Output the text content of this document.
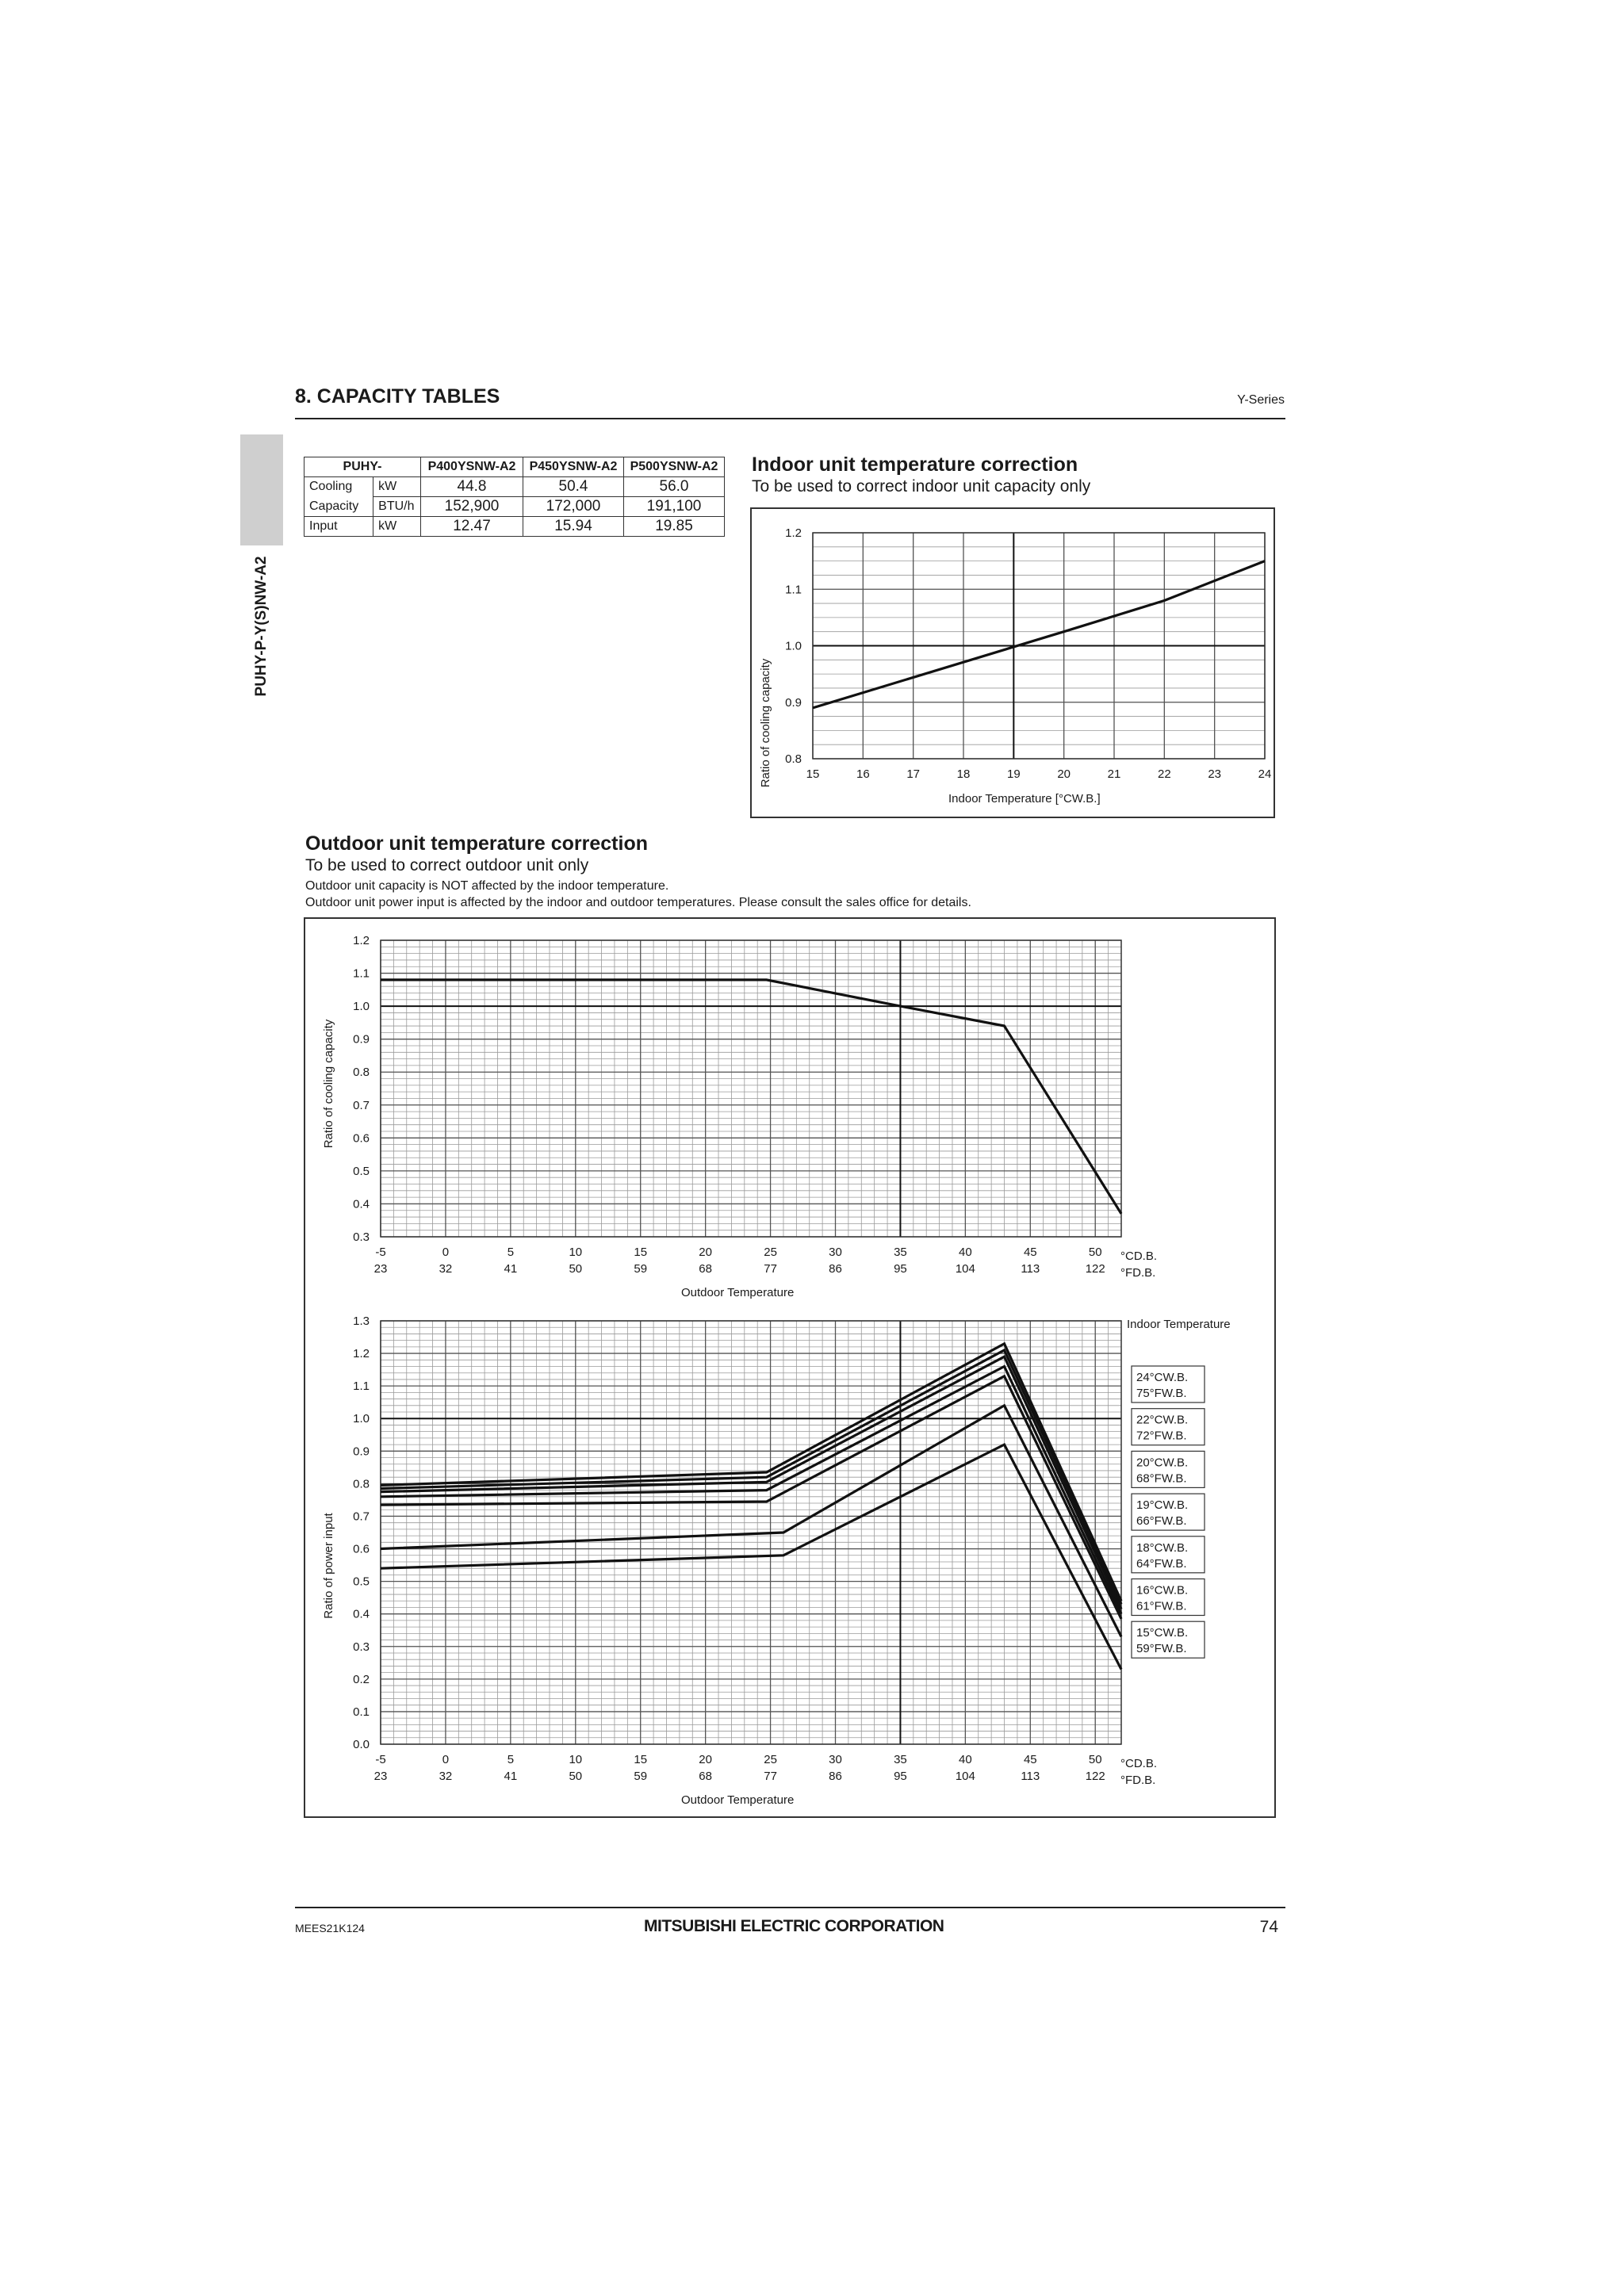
8. CAPACITY TABLES	Y-Series
PUHY-P-Y(S)NW-A2
PUHY-		P400YSNW-A2	P450YSNW-A2	P500YSNW-A2
Cooling	kW	44.8	50.4	56.0
Capacity	BTU/h	152,900	172,000	191,100
Input	kW	12.47	15.94	19.85
Indoor unit temperature correction
To be used to correct indoor unit capacity only
0.8
0.9
1.0
1.1
1.2
15	16	17	18	19	20	21	22	23	24
Indoor Temperature [°CW.B.]
Ratio of cooling capacity
Outdoor unit temperature correction
To be used to correct outdoor unit only
Outdoor unit capacity is NOT affected by the indoor temperature.
Outdoor unit power input is affected by the indoor and outdoor temperatures. Please consult the sales office for details.
0.3
0.4
0.5
0.6
0.7
0.8
0.9
1.0
1.1
1.2
-5	0	5	10	15	20	25	30	35	40	45	50
23	32	41	50	59	68	77	86	95	104	113	122
Outdoor Temperature
Ratio of cooling capacity
°CD.B.
°FD.B.
0.0
0.1
0.2
0.3
0.4
0.5
0.6
0.7
0.8
0.9
1.0
1.1
1.2
1.3
-5	0	5	10	15	20	25	30	35	40	45	50
23	32	41	50	59	68	77	86	95	104	113	122
Outdoor Temperature
Ratio of power input
°CD.B.
°FD.B.
Indoor Temperature
24°CW.B.
75°FW.B.
22°CW.B.
72°FW.B.
20°CW.B.
68°FW.B.
19°CW.B.
66°FW.B.
18°CW.B.
64°FW.B.
16°CW.B.
61°FW.B.
15°CW.B.
59°FW.B.
MEES21K124	MITSUBISHI ELECTRIC CORPORATION	74
